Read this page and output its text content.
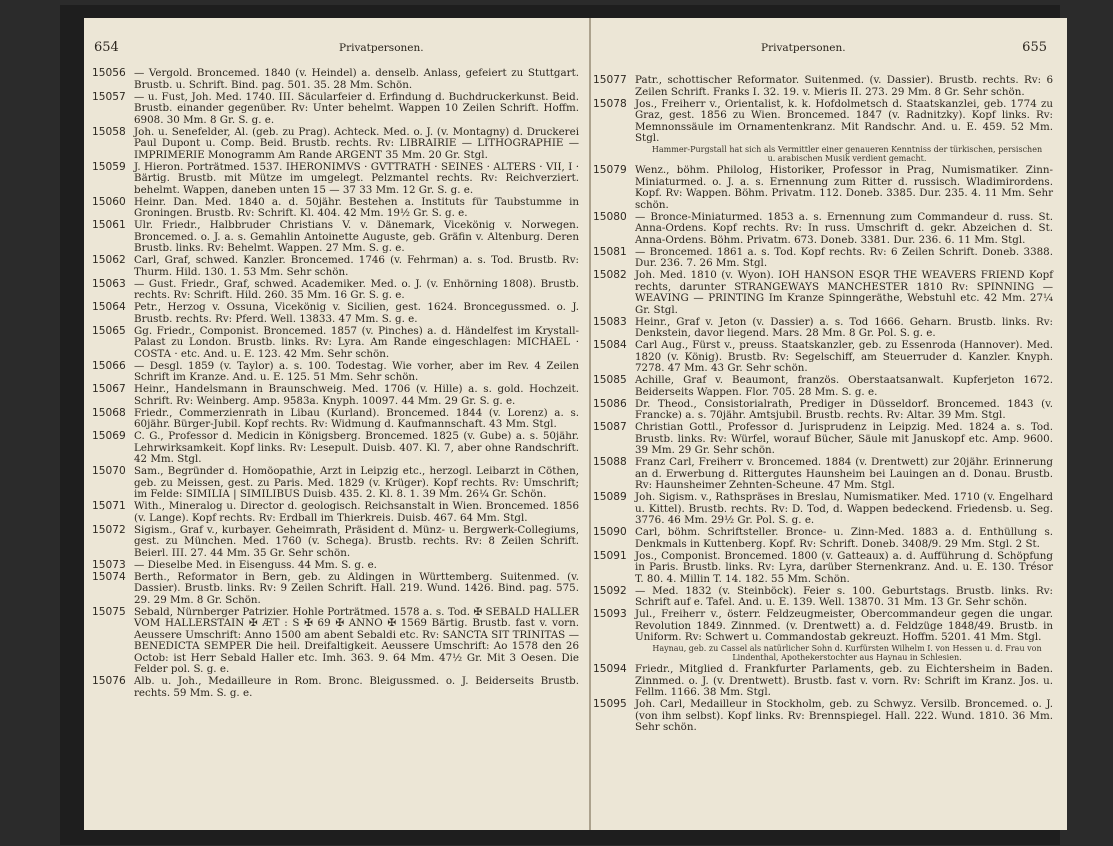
654	Privatpersonen.
15056 — Vergold. Broncemed. 1840 (v. Heindel) a. denselb. Anlass, gefeiert zu Stuttgart. Brustb. u. Schrift. Bind. pag. 501. 35. 28 Mm. Schön.
15057 — u. Fust, Joh. Med. 1740. III. Säcularfeier d. Erfindung d. Buchdruckerkunst. Beid. Brustb. einander gegenüber. Rv: Unter behelmt. Wappen 10 Zeilen Schrift. Hoffm. 6908. 30 Mm. 8 Gr. S. g. e.
15058 Joh. u. Senefelder, Al. (geb. zu Prag). Achteck. Med. o. J. (v. Montagny) d. Druckerei Paul Dupont u. Comp. Beid. Brustb. rechts. Rv: LIBRAIRIE — LITHOGRAPHIE — IMPRIMERIE Monogramm Am Rande ARGENT 35 Mm. 20 Gr. Stgl.
15059 J. Hieron. Porträtmed. 1537. IHERONIMVS · GVTTRATH · SEINES · ALTERS · VII, I · Bärtig. Brustb. mit Mütze im umgelegt. Pelzmantel rechts. Rv: Reichverziert. behelmt. Wappen, daneben unten 15 — 37 33 Mm. 12 Gr. S. g. e.
15060 Heinr. Dan. Med. 1840 a. d. 50jähr. Bestehen a. Instituts für Taubstumme in Groningen. Brustb. Rv: Schrift. Kl. 404. 42 Mm. 19½ Gr. S. g. e.
15061 Ulr. Friedr., Halbbruder Christians V. v. Dänemark, Vicekönig v. Norwegen. Broncemed. o. J. a. s. Gemahlin Antoinette Auguste, geb. Gräfin v. Altenburg. Deren Brustb. links. Rv: Behelmt. Wappen. 27 Mm. S. g. e.
15062 Carl, Graf, schwed. Kanzler. Broncemed. 1746 (v. Fehrman) a. s. Tod. Brustb. Rv: Thurm. Hild. 130. 1. 53 Mm. Sehr schön.
15063 — Gust. Friedr., Graf, schwed. Academiker. Med. o. J. (v. Enhörning 1808). Brustb. rechts. Rv: Schrift. Hild. 260. 35 Mm. 16 Gr. S. g. e.
15064 Petr., Herzog v. Ossuna, Vicekönig v. Sicilien, gest. 1624. Broncegussmed. o. J. Brustb. rechts. Rv: Pferd. Well. 13833. 47 Mm. S. g. e.
15065 Gg. Friedr., Componist. Broncemed. 1857 (v. Pinches) a. d. Händelfest im Krystall-Palast zu London. Brustb. links. Rv: Lyra. Am Rande eingeschlagen: MICHAEL · COSTA · etc. And. u. E. 123. 42 Mm. Sehr schön.
15066 — Desgl. 1859 (v. Taylor) a. s. 100. Todestag. Wie vorher, aber im Rev. 4 Zeilen Schrift im Kranze. And. u. E. 125. 51 Mm. Sehr schön.
15067 Heinr., Handelsmann in Braunschweig. Med. 1706 (v. Hille) a. s. gold. Hochzeit. Schrift. Rv: Weinberg. Amp. 9583a. Knyph. 10097. 44 Mm. 29 Gr. S. g. e.
15068 Friedr., Commerzienrath in Libau (Kurland). Broncemed. 1844 (v. Lorenz) a. s. 60jähr. Bürger-Jubil. Kopf rechts. Rv: Widmung d. Kaufmannschaft. 43 Mm. Stgl.
15069 C. G., Professor d. Medicin in Königsberg. Broncemed. 1825 (v. Gube) a. s. 50jähr. Lehrwirksamkeit. Kopf links. Rv: Lesepult. Duisb. 407. Kl. 7, aber ohne Randschrift. 42 Mm. Stgl.
15070 Sam., Begründer d. Homöopathie, Arzt in Leipzig etc., herzogl. Leibarzt in Cöthen, geb. zu Meissen, gest. zu Paris. Med. 1829 (v. Krüger). Kopf rechts. Rv: Umschrift; im Felde: SIMILIA | SIMILIBUS Duisb. 435. 2. Kl. 8. 1. 39 Mm. 26¼ Gr. Schön.
15071 With., Mineralog u. Director d. geologisch. Reichsanstalt in Wien. Broncemed. 1856 (v. Lange). Kopf rechts. Rv: Erdball im Thierkreis. Duisb. 467. 64 Mm. Stgl.
15072 Sigism., Graf v., kurbayer. Geheimrath, Präsident d. Münz- u. Bergwerk-Collegiums, gest. zu München. Med. 1760 (v. Schega). Brustb. rechts. Rv: 8 Zeilen Schrift. Beierl. III. 27. 44 Mm. 35 Gr. Sehr schön.
15073 — Dieselbe Med. in Eisenguss. 44 Mm. S. g. e.
15074 Berth., Reformator in Bern, geb. zu Aldingen in Württemberg. Suitenmed. (v. Dassier). Brustb. links. Rv: 9 Zeilen Schrift. Hall. 219. Wund. 1426. Bind. pag. 575. 29. 29 Mm. 8 Gr. Schön.
15075 Sebald, Nürnberger Patrizier. Hohle Porträtmed. 1578 a. s. Tod. ✠ SEBALD HALLER VOM HALLERSTAIN ✠ ÆT : S ✠ 69 ✠ ANNO ✠ 1569 Bärtig. Brustb. fast v. vorn. Aeussere Umschrift: Anno 1500 am abent Sebaldi etc. Rv: SANCTA SIT TRINITAS — BENEDICTA SEMPER Die heil. Dreifaltigkeit. Aeussere Umschrift: Ao 1578 den 26 Octob: ist Herr Sebald Haller etc. Imh. 363. 9. 64 Mm. 47½ Gr. Mit 3 Oesen. Die Felder pol. S. g. e.
15076 Alb. u. Joh., Medailleure in Rom. Bronc. Bleigussmed. o. J. Beiderseits Brustb. rechts. 59 Mm. S. g. e.
Privatpersonen.	655
15077 Patr., schottischer Reformator. Suitenmed. (v. Dassier). Brustb. rechts. Rv: 6 Zeilen Schrift. Franks I. 32. 19. v. Mieris II. 273. 29 Mm. 8 Gr. Sehr schön.
15078 Jos., Freiherr v., Orientalist, k. k. Hofdolmetsch d. Staatskanzlei, geb. 1774 zu Graz, gest. 1856 zu Wien. Broncemed. 1847 (v. Radnitzky). Kopf links. Rv: Memnonssäule im Ornamentenkranz. Mit Randschr. And. u. E. 459. 52 Mm. Stgl.
Hammer-Purgstall hat sich als Vermittler einer genaueren Kenntniss der türkischen, persischen u. arabischen Musik verdient gemacht.
15079 Wenz., böhm. Philolog, Historiker, Professor in Prag, Numismatiker. Zinn-Miniaturmed. o. J. a. s. Ernennung zum Ritter d. russisch. Wladimirordens. Kopf. Rv: Wappen. Böhm. Privatm. 112. Doneb. 3385. Dur. 235. 4. 11 Mm. Sehr schön.
15080 — Bronce-Miniaturmed. 1853 a. s. Ernennung zum Commandeur d. russ. St. Anna-Ordens. Kopf rechts. Rv: In russ. Umschrift d. gekr. Abzeichen d. St. Anna-Ordens. Böhm. Privatm. 673. Doneb. 3381. Dur. 236. 6. 11 Mm. Stgl.
15081 — Broncemed. 1861 a. s. Tod. Kopf rechts. Rv: 6 Zeilen Schrift. Doneb. 3388. Dur. 236. 7. 26 Mm. Stgl.
15082 Joh. Med. 1810 (v. Wyon). IOH HANSON ESQR THE WEAVERS FRIEND Kopf rechts, darunter STRANGEWAYS MANCHESTER 1810 Rv: SPINNING — WEAVING — PRINTING Im Kranze Spinngeräthe, Webstuhl etc. 42 Mm. 27¼ Gr. Stgl.
15083 Heinr., Graf v. Jeton (v. Dassier) a. s. Tod 1666. Geharn. Brustb. links. Rv: Denkstein, davor liegend. Mars. 28 Mm. 8 Gr. Pol. S. g. e.
15084 Carl Aug., Fürst v., preuss. Staatskanzler, geb. zu Essenroda (Hannover). Med. 1820 (v. König). Brustb. Rv: Segelschiff, am Steuerruder d. Kanzler. Knyph. 7278. 47 Mm. 43 Gr. Sehr schön.
15085 Achille, Graf v. Beaumont, französ. Oberstaatsanwalt. Kupferjeton 1672. Beiderseits Wappen. Flor. 705. 28 Mm. S. g. e.
15086 Dr. Theod., Consistorialrath, Prediger in Düsseldorf. Broncemed. 1843 (v. Francke) a. s. 70jähr. Amtsjubil. Brustb. rechts. Rv: Altar. 39 Mm. Stgl.
15087 Christian Gottl., Professor d. Jurisprudenz in Leipzig. Med. 1824 a. s. Tod. Brustb. links. Rv: Würfel, worauf Bücher, Säule mit Januskopf etc. Amp. 9600. 39 Mm. 29 Gr. Sehr schön.
15088 Franz Carl, Freiherr v. Broncemed. 1884 (v. Drentwett) zur 20jähr. Erinnerung an d. Erwerbung d. Rittergutes Haunsheim bei Lauingen an d. Donau. Brustb. Rv: Haunsheimer Zehnten-Scheune. 47 Mm. Stgl.
15089 Joh. Sigism. v., Rathspräses in Breslau, Numismatiker. Med. 1710 (v. Engelhard u. Kittel). Brustb. rechts. Rv: D. Tod, d. Wappen bedeckend. Friedensb. u. Seg. 3776. 46 Mm. 29½ Gr. Pol. S. g. e.
15090 Carl, böhm. Schriftsteller. Bronce- u. Zinn-Med. 1883 a. d. Enthüllung s. Denkmals in Kuttenberg. Kopf. Rv: Schrift. Doneb. 3408/9. 29 Mm. Stgl. 2 St.
15091 Jos., Componist. Broncemed. 1800 (v. Gatteaux) a. d. Aufführung d. Schöpfung in Paris. Brustb. links. Rv: Lyra, darüber Sternenkranz. And. u. E. 130. Trésor T. 80. 4. Millin T. 14. 182. 55 Mm. Schön.
15092 — Med. 1832 (v. Steinböck). Feier s. 100. Geburtstags. Brustb. links. Rv: Schrift auf e. Tafel. And. u. E. 139. Well. 13870. 31 Mm. 13 Gr. Sehr schön.
15093 Jul., Freiherr v., österr. Feldzeugmeister, Obercommandeur gegen die ungar. Revolution 1849. Zinnmed. (v. Drentwett) a. d. Feldzüge 1848/49. Brustb. in Uniform. Rv: Schwert u. Commandostab gekreuzt. Hoffm. 5201. 41 Mm. Stgl.
Haynau, geb. zu Cassel als natürlicher Sohn d. Kurfürsten Wilhelm I. von Hessen u. d. Frau von Lindenthal, Apothekerstochter aus Haynau in Schlesien.
15094 Friedr., Mitglied d. Frankfurter Parlaments, geb. zu Eichtersheim in Baden. Zinnmed. o. J. (v. Drentwett). Brustb. fast v. vorn. Rv: Schrift im Kranz. Jos. u. Fellm. 1166. 38 Mm. Stgl.
15095 Joh. Carl, Medailleur in Stockholm, geb. zu Schwyz. Versilb. Broncemed. o. J. (von ihm selbst). Kopf links. Rv: Brennspiegel. Hall. 222. Wund. 1810. 36 Mm. Sehr schön.
